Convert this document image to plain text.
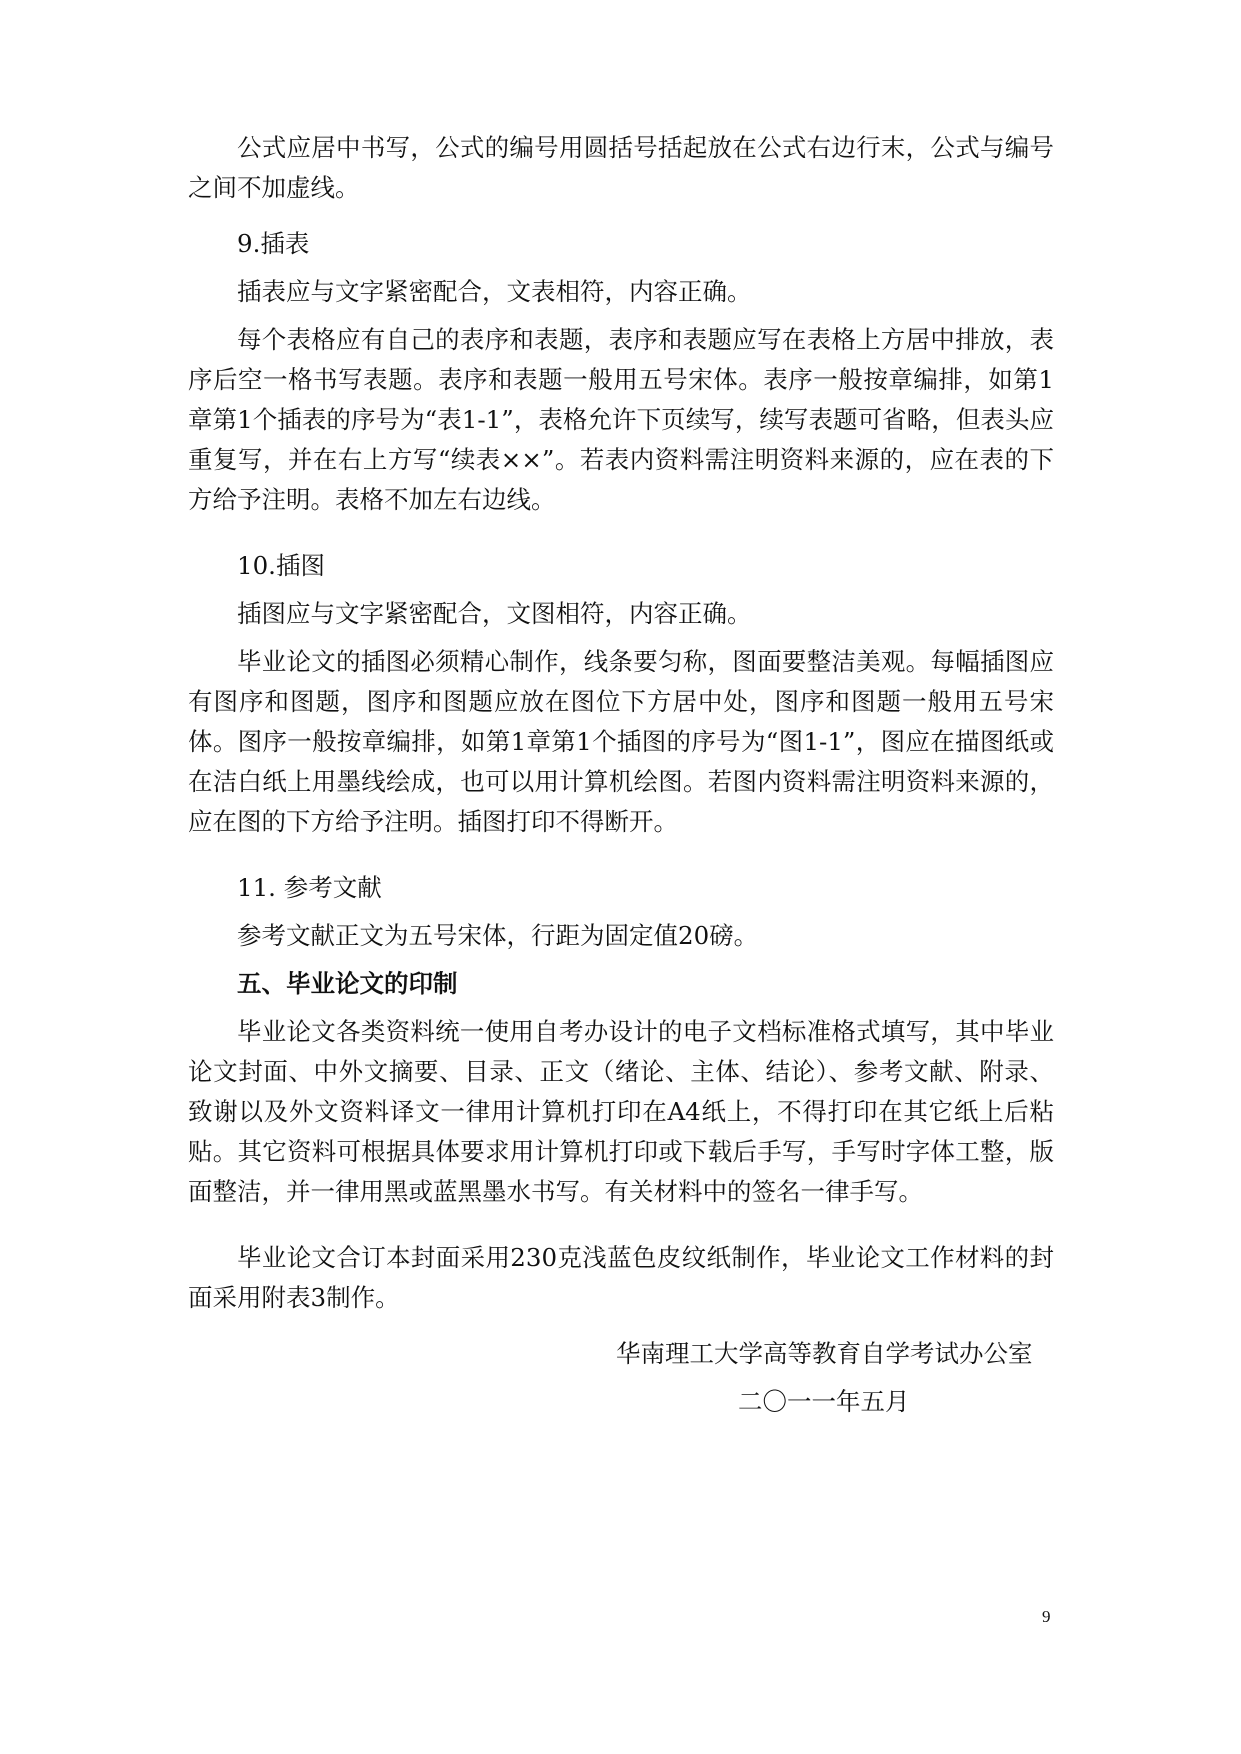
公式应居中书写，公式的编号用圆括号括起放在公式右边行末，公式与编号之间不加虚线。

9.插表

插表应与文字紧密配合，文表相符，内容正确。

每个表格应有自己的表序和表题，表序和表题应写在表格上方居中排放，表序后空一格书写表题。表序和表题一般用五号宋体。表序一般按章编排，如第1章第1个插表的序号为“表1-1”，表格允许下页续写，续写表题可省略，但表头应重复写，并在右上方写“续表××”。若表内资料需注明资料来源的，应在表的下方给予注明。表格不加左右边线。

10.插图

插图应与文字紧密配合，文图相符，内容正确。

毕业论文的插图必须精心制作，线条要匀称，图面要整洁美观。每幅插图应有图序和图题，图序和图题应放在图位下方居中处，图序和图题一般用五号宋体。图序一般按章编排，如第1章第1个插图的序号为“图1-1”，图应在描图纸或在洁白纸上用墨线绘成，也可以用计算机绘图。若图内资料需注明资料来源的，应在图的下方给予注明。插图打印不得断开。

11. 参考文献

参考文献正文为五号宋体，行距为固定值20磅。

五、毕业论文的印制

毕业论文各类资料统一使用自考办设计的电子文档标准格式填写，其中毕业论文封面、中外文摘要、目录、正文（绪论、主体、结论）、参考文献、附录、致谢以及外文资料译文一律用计算机打印在A4纸上，不得打印在其它纸上后粘贴。其它资料可根据具体要求用计算机打印或下载后手写，手写时字体工整，版面整洁，并一律用黑或蓝黑墨水书写。有关材料中的签名一律手写。

毕业论文合订本封面采用230克浅蓝色皮纹纸制作，毕业论文工作材料的封面采用附表3制作。

华南理工大学高等教育自学考试办公室

二〇一一年五月

9
